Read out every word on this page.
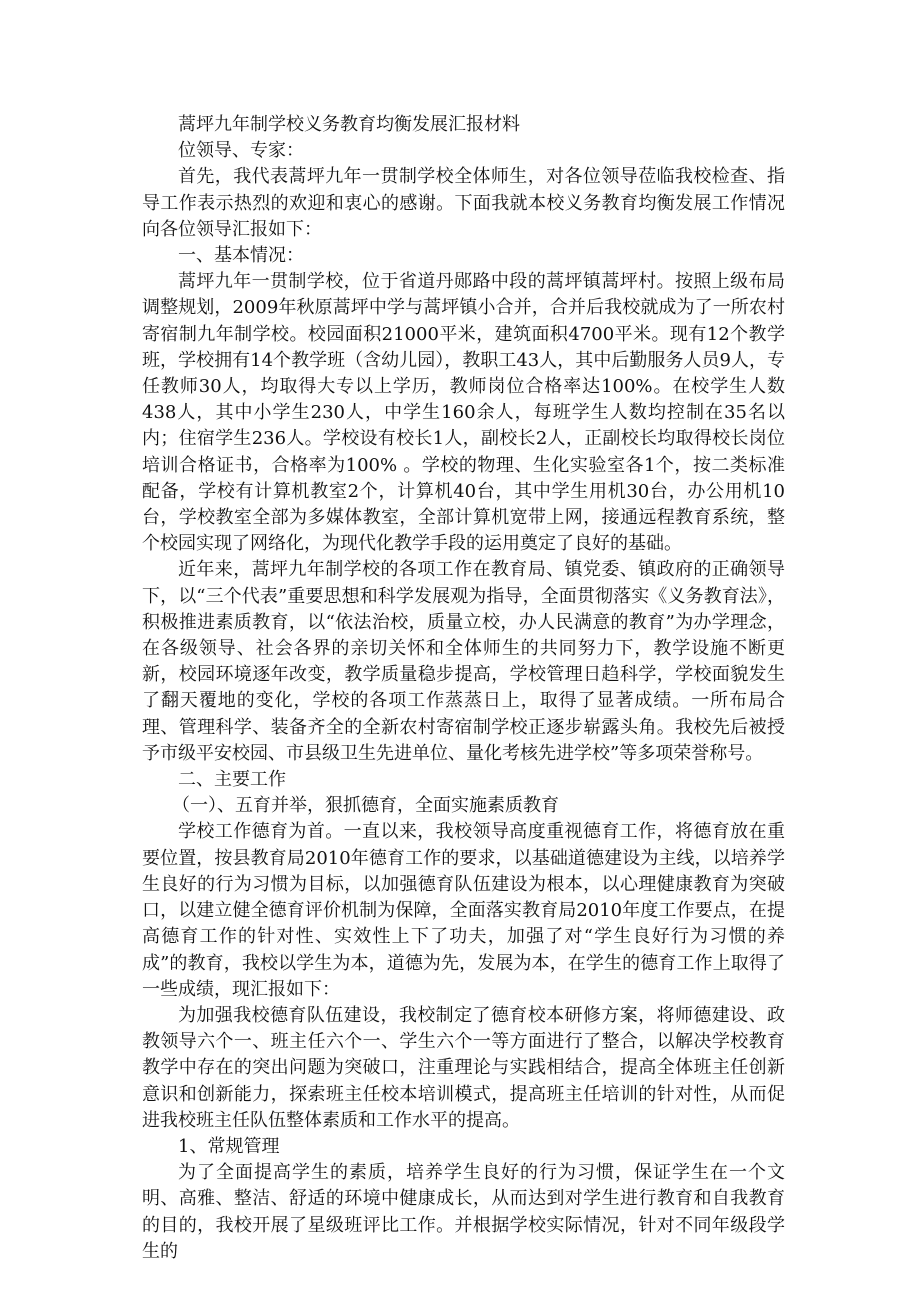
蒿坪九年制学校义务教育均衡发展汇报材料

位领导、专家：

首先，我代表蒿坪九年一贯制学校全体师生，对各位领导莅临我校检查、指导工作表示热烈的欢迎和衷心的感谢。下面我就本校义务教育均衡发展工作情况向各位领导汇报如下：

一、基本情况：

蒿坪九年一贯制学校，位于省道丹郧路中段的蒿坪镇蒿坪村。按照上级布局调整规划，2009年秋原蒿坪中学与蒿坪镇小合并，合并后我校就成为了一所农村寄宿制九年制学校。校园面积21000平米，建筑面积4700平米。现有12个教学班，学校拥有14个教学班（含幼儿园），教职工43人，其中后勤服务人员9人，专任教师30人，均取得大专以上学历，教师岗位合格率达100%。在校学生人数438人，其中小学生230人，中学生160余人，每班学生人数均控制在35名以内；住宿学生236人。学校设有校长1人，副校长2人，正副校长均取得校长岗位培训合格证书，合格率为100% 。学校的物理、生化实验室各1个，按二类标准配备，学校有计算机教室2个，计算机40台，其中学生用机30台，办公用机10台，学校教室全部为多媒体教室，全部计算机宽带上网，接通远程教育系统，整个校园实现了网络化，为现代化教学手段的运用奠定了良好的基础。

近年来，蒿坪九年制学校的各项工作在教育局、镇党委、镇政府的正确领导下，以“三个代表”重要思想和科学发展观为指导，全面贯彻落实《义务教育法》，积极推进素质教育，以“依法治校，质量立校，办人民满意的教育”为办学理念，在各级领导、社会各界的亲切关怀和全体师生的共同努力下，教学设施不断更新，校园环境逐年改变，教学质量稳步提高，学校管理日趋科学，学校面貌发生了翻天覆地的变化，学校的各项工作蒸蒸日上，取得了显著成绩。一所布局合理、管理科学、装备齐全的全新农村寄宿制学校正逐步崭露头角。我校先后被授予市级平安校园、市县级卫生先进单位、量化考核先进学校”等多项荣誉称号。

二、主要工作

（一）、五育并举，狠抓德育，全面实施素质教育

学校工作德育为首。一直以来，我校领导高度重视德育工作，将德育放在重要位置，按县教育局2010年德育工作的要求，以基础道德建设为主线，以培养学生良好的行为习惯为目标，以加强德育队伍建设为根本，以心理健康教育为突破口，以建立健全德育评价机制为保障，全面落实教育局2010年度工作要点，在提高德育工作的针对性、实效性上下了功夫，加强了对“学生良好行为习惯的养成”的教育，我校以学生为本，道德为先，发展为本，在学生的德育工作上取得了一些成绩，现汇报如下：

为加强我校德育队伍建设，我校制定了德育校本研修方案，将师德建设、政教领导六个一、班主任六个一、学生六个一等方面进行了整合，以解决学校教育教学中存在的突出问题为突破口，注重理论与实践相结合，提高全体班主任创新意识和创新能力，探索班主任校本培训模式，提高班主任培训的针对性，从而促进我校班主任队伍整体素质和工作水平的提高。

1、常规管理

为了全面提高学生的素质，培养学生良好的行为习惯，保证学生在一个文明、高雅、整洁、舒适的环境中健康成长，从而达到对学生进行教育和自我教育的目的，我校开展了星级班评比工作。并根据学校实际情况，针对不同年级段学生的
